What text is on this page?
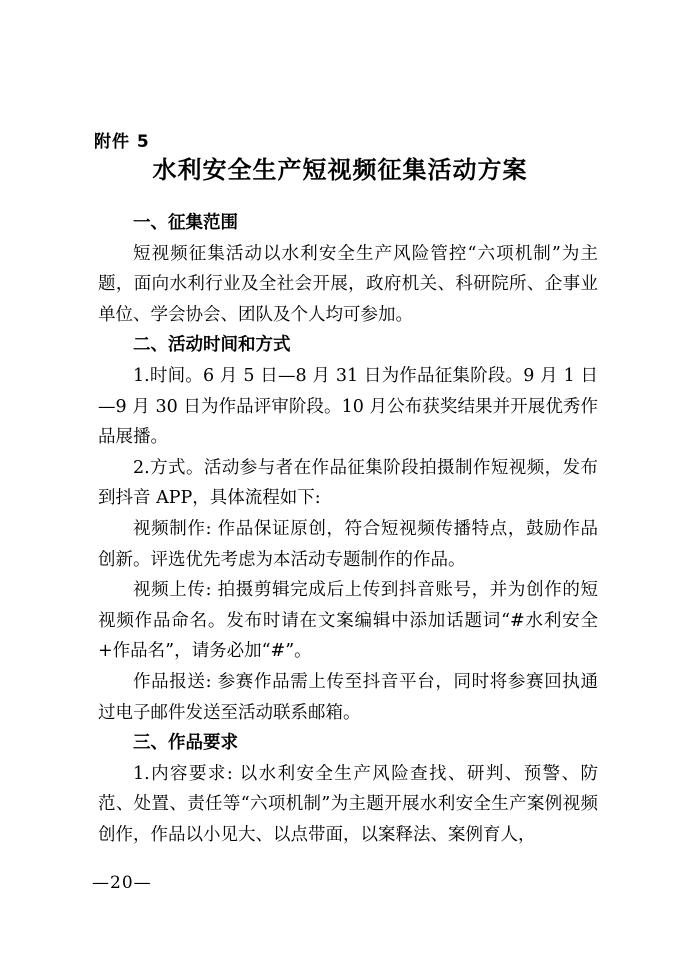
附件 5
水利安全生产短视频征集活动方案

一、征集范围

短视频征集活动以水利安全生产风险管控“六项机制”为主题，面向水利行业及全社会开展，政府机关、科研院所、企事业单位、学会协会、团队及个人均可参加。

二、活动时间和方式

1.时间。6 月 5 日—8 月 31 日为作品征集阶段。9 月 1 日—9 月 30 日为作品评审阶段。10 月公布获奖结果并开展优秀作品展播。

2.方式。活动参与者在作品征集阶段拍摄制作短视频，发布到抖音 APP，具体流程如下:

视频制作: 作品保证原创，符合短视频传播特点，鼓励作品创新。评选优先考虑为本活动专题制作的作品。

视频上传: 拍摄剪辑完成后上传到抖音账号，并为创作的短视频作品命名。发布时请在文案编辑中添加话题词“#水利安全+作品名”，请务必加“#”。

作品报送: 参赛作品需上传至抖音平台，同时将参赛回执通过电子邮件发送至活动联系邮箱。

三、作品要求

1.内容要求: 以水利安全生产风险查找、研判、预警、防范、处置、责任等“六项机制”为主题开展水利安全生产案例视频创作，作品以小见大、以点带面，以案释法、案例育人，

—20—
